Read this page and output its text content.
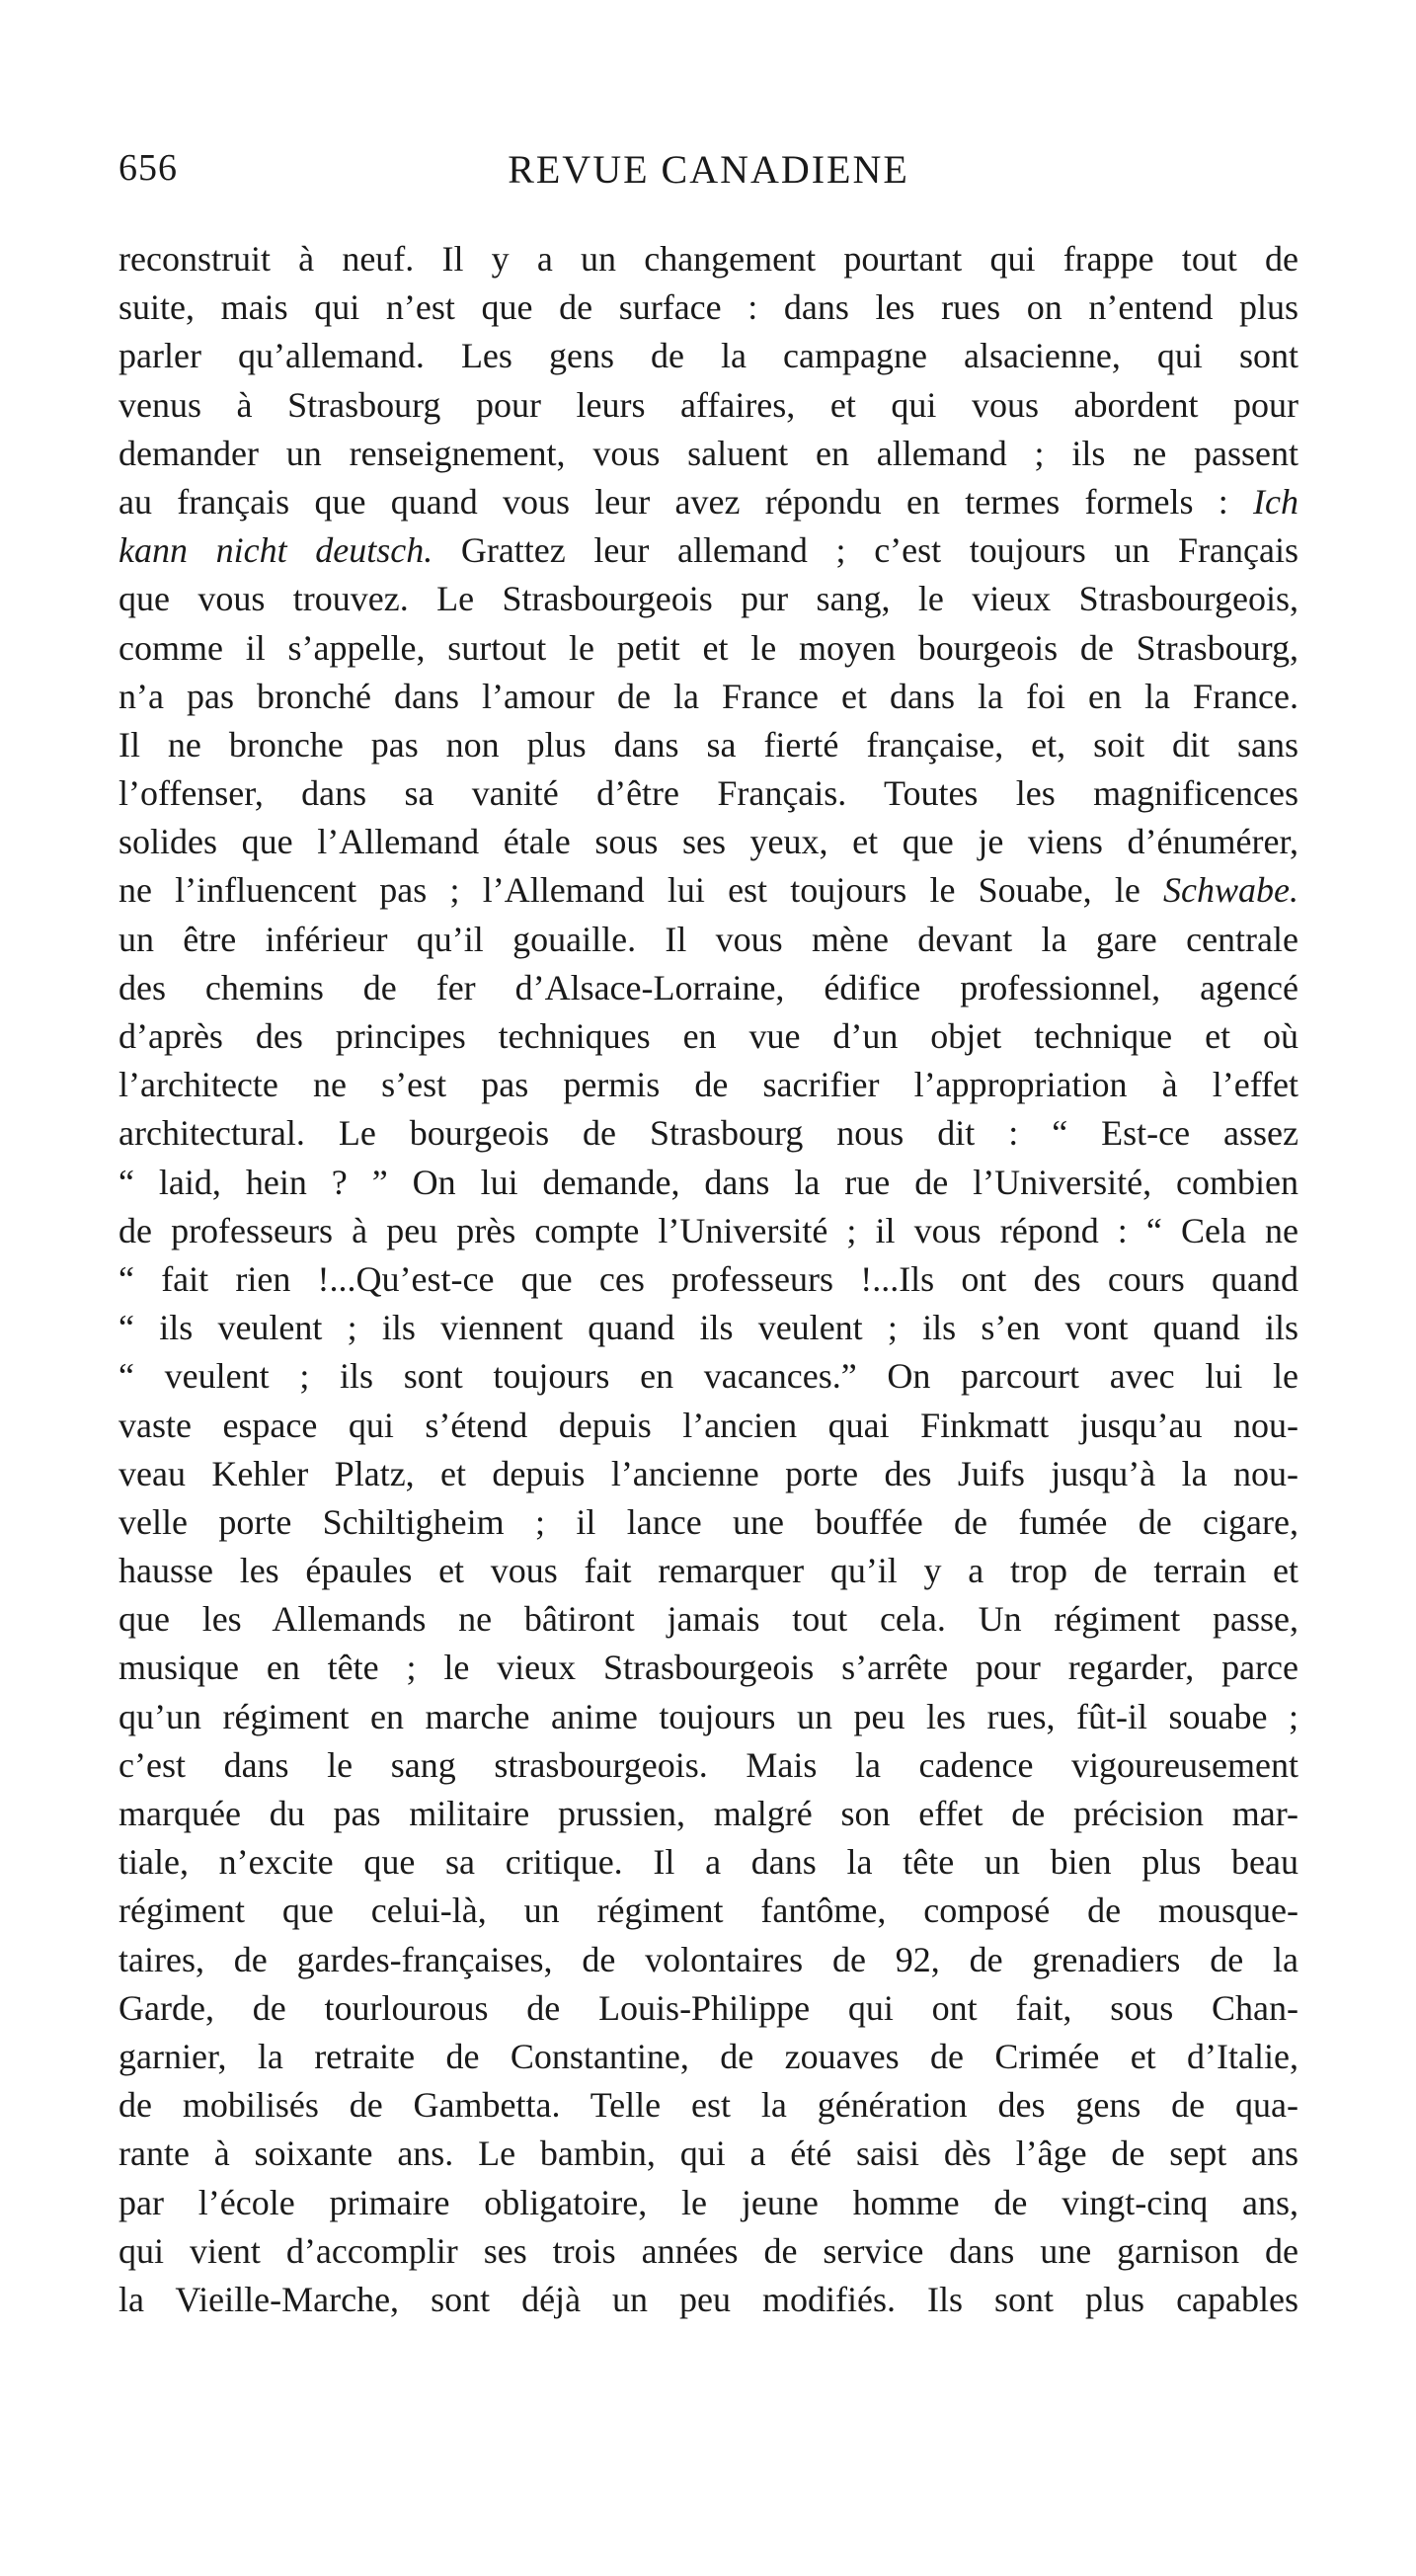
656	REVUE CANADIENE
reconstruit à neuf. Il y a un changement pourtant qui frappe tout de
suite, mais qui n’est que de surface : dans les rues on n’entend plus
parler qu’allemand. Les gens de la campagne alsacienne, qui sont
venus à Strasbourg pour leurs affaires, et qui vous abordent pour
demander un renseignement, vous saluent en allemand ; ils ne passent
au français que quand vous leur avez répondu en termes formels : Ich
kann nicht deutsch. Grattez leur allemand ; c’est toujours un Français
que vous trouvez. Le Strasbourgeois pur sang, le vieux Strasbourgeois,
comme il s’appelle, surtout le petit et le moyen bourgeois de Strasbourg,
n’a pas bronché dans l’amour de la France et dans la foi en la France.
Il ne bronche pas non plus dans sa fierté française, et, soit dit sans
l’offenser, dans sa vanité d’être Français. Toutes les magnificences
solides que l’Allemand étale sous ses yeux, et que je viens d’énumérer,
ne l’influencent pas ; l’Allemand lui est toujours le Souabe, le Schwabe.
un être inférieur qu’il gouaille. Il vous mène devant la gare centrale
des chemins de fer d’Alsace-Lorraine, édifice professionnel, agencé
d’après des principes techniques en vue d’un objet technique et où
l’architecte ne s’est pas permis de sacrifier l’appropriation à l’effet
architectural. Le bourgeois de Strasbourg nous dit : “ Est-ce assez
“ laid, hein ? ” On lui demande, dans la rue de l’Université, combien
de professeurs à peu près compte l’Université ; il vous répond : “ Cela ne
“ fait rien !...Qu’est-ce que ces professeurs !...Ils ont des cours quand
“ ils veulent ; ils viennent quand ils veulent ; ils s’en vont quand ils
“ veulent ; ils sont toujours en vacances.” On parcourt avec lui le
vaste espace qui s’étend depuis l’ancien quai Finkmatt jusqu’au nou-
veau Kehler Platz, et depuis l’ancienne porte des Juifs jusqu’à la nou-
velle porte Schiltigheim ; il lance une bouffée de fumée de cigare,
hausse les épaules et vous fait remarquer qu’il y a trop de terrain et
que les Allemands ne bâtiront jamais tout cela. Un régiment passe,
musique en tête ; le vieux Strasbourgeois s’arrête pour regarder, parce
qu’un régiment en marche anime toujours un peu les rues, fût-il souabe ;
c’est dans le sang strasbourgeois. Mais la cadence vigoureusement
marquée du pas militaire prussien, malgré son effet de précision mar-
tiale, n’excite que sa critique. Il a dans la tête un bien plus beau
régiment que celui-là, un régiment fantôme, composé de mousque-
taires, de gardes-françaises, de volontaires de 92, de grenadiers de la
Garde, de tourlourous de Louis-Philippe qui ont fait, sous Chan-
garnier, la retraite de Constantine, de zouaves de Crimée et d’Italie,
de mobilisés de Gambetta. Telle est la génération des gens de qua-
rante à soixante ans. Le bambin, qui a été saisi dès l’âge de sept ans
par l’école primaire obligatoire, le jeune homme de vingt-cinq ans,
qui vient d’accomplir ses trois années de service dans une garnison de
la Vieille-Marche, sont déjà un peu modifiés. Ils sont plus capables
